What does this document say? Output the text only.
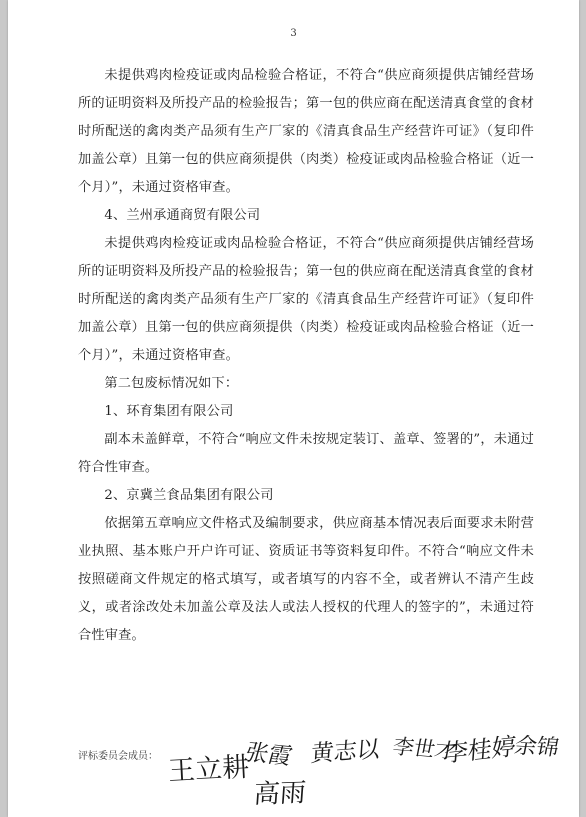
3

未提供鸡肉检疫证或肉品检验合格证，不符合“供应商须提供店铺经营场所的证明资料及所投产品的检验报告；第一包的供应商在配送清真食堂的食材时所配送的禽肉类产品须有生产厂家的《清真食品生产经营许可证》（复印件加盖公章）且第一包的供应商须提供（肉类）检疫证或肉品检验合格证（近一个月）”，未通过资格审查。

4、兰州承通商贸有限公司

未提供鸡肉检疫证或肉品检验合格证，不符合“供应商须提供店铺经营场所的证明资料及所投产品的检验报告；第一包的供应商在配送清真食堂的食材时所配送的禽肉类产品须有生产厂家的《清真食品生产经营许可证》（复印件加盖公章）且第一包的供应商须提供（肉类）检疫证或肉品检验合格证（近一个月）”，未通过资格审查。

第二包废标情况如下：

1、环育集团有限公司

副本未盖鲜章，不符合“响应文件未按规定装订、盖章、签署的”，未通过符合性审查。

2、京冀兰食品集团有限公司

依据第五章响应文件格式及编制要求，供应商基本情况表后面要求未附营业执照、基本账户开户许可证、资质证书等资料复印件。不符合“响应文件未按照磋商文件规定的格式填写，或者填写的内容不全，或者辨认不清产生歧义，或者涂改处未加盖公章及法人或法人授权的代理人的签字的”，未通过符合性审查。

评标委员会成员： 王立耕
张霞 黄志以 李世才
李桂婷
余锦
高雨
